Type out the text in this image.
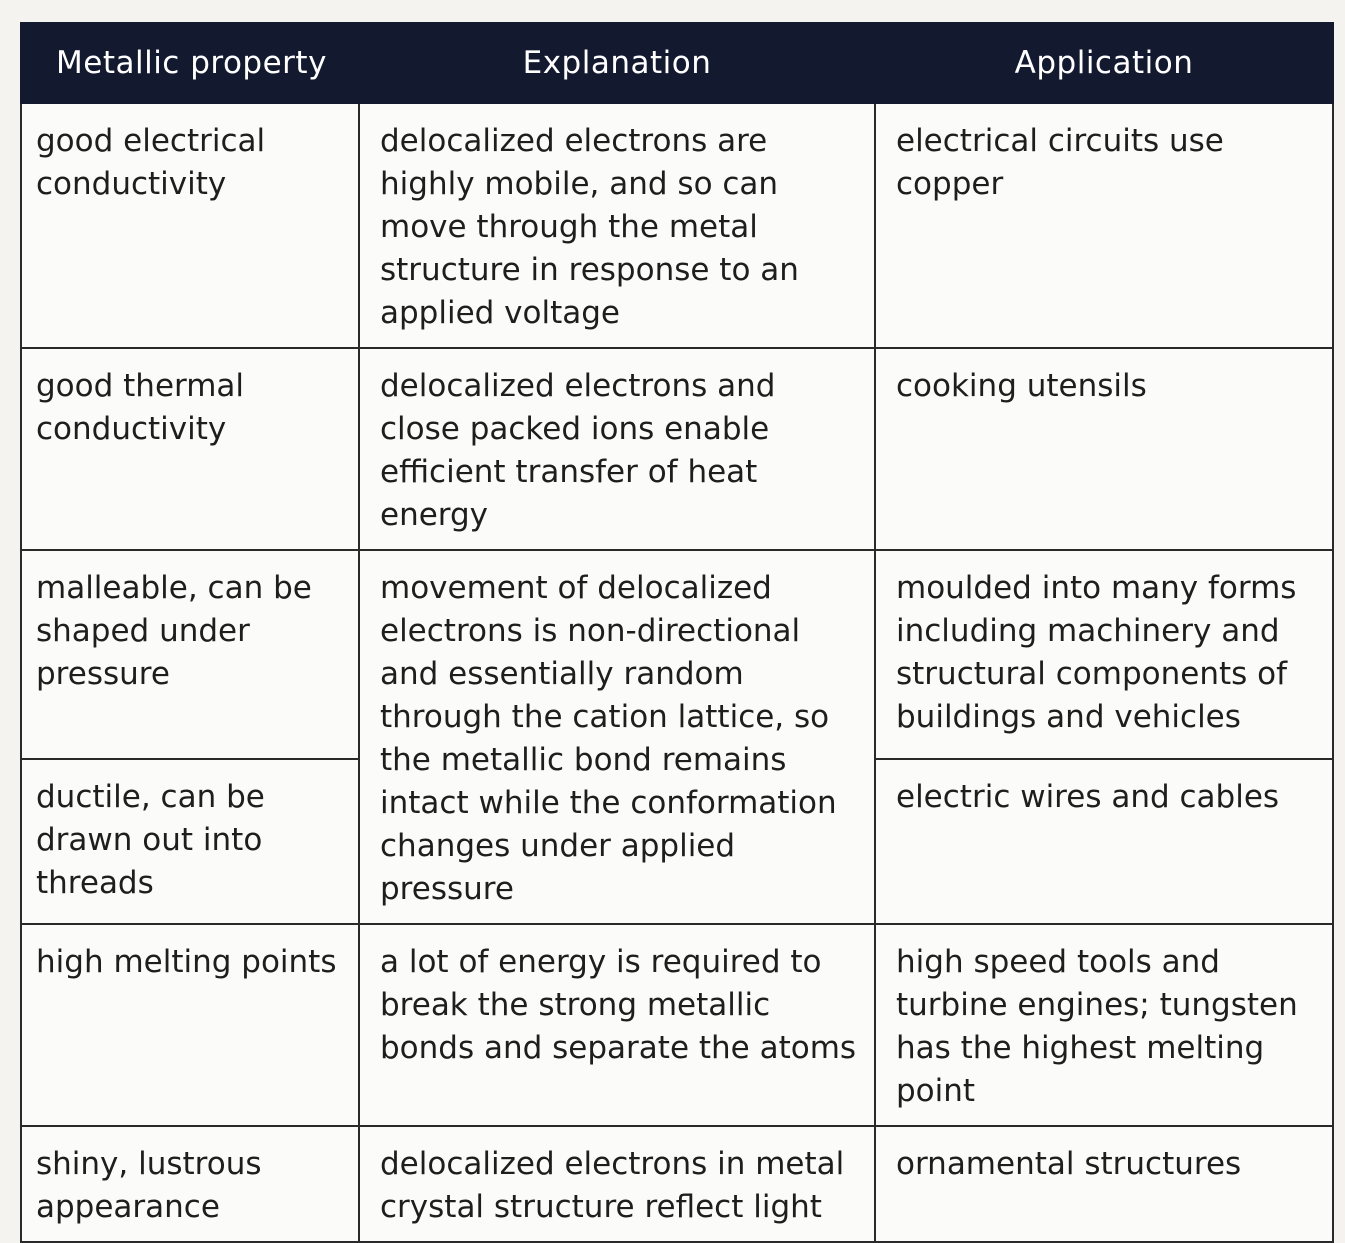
Metallic property	Explanation	Application
good electrical conductivity	delocalized electrons are highly mobile, and so can move through the metal structure in response to an applied voltage	electrical circuits use copper
good thermal conductivity	delocalized electrons and close packed ions enable efficient transfer of heat energy	cooking utensils
malleable, can be shaped under pressure	movement of delocalized electrons is non-directional and essentially random through the cation lattice, so the metallic bond remains intact while the conformation changes under applied pressure	moulded into many forms including machinery and structural components of buildings and vehicles
ductile, can be drawn out into threads		electric wires and cables
high melting points	a lot of energy is required to break the strong metallic bonds and separate the atoms	high speed tools and turbine engines; tungsten has the highest melting point
shiny, lustrous appearance	delocalized electrons in metal crystal structure reflect light	ornamental structures
